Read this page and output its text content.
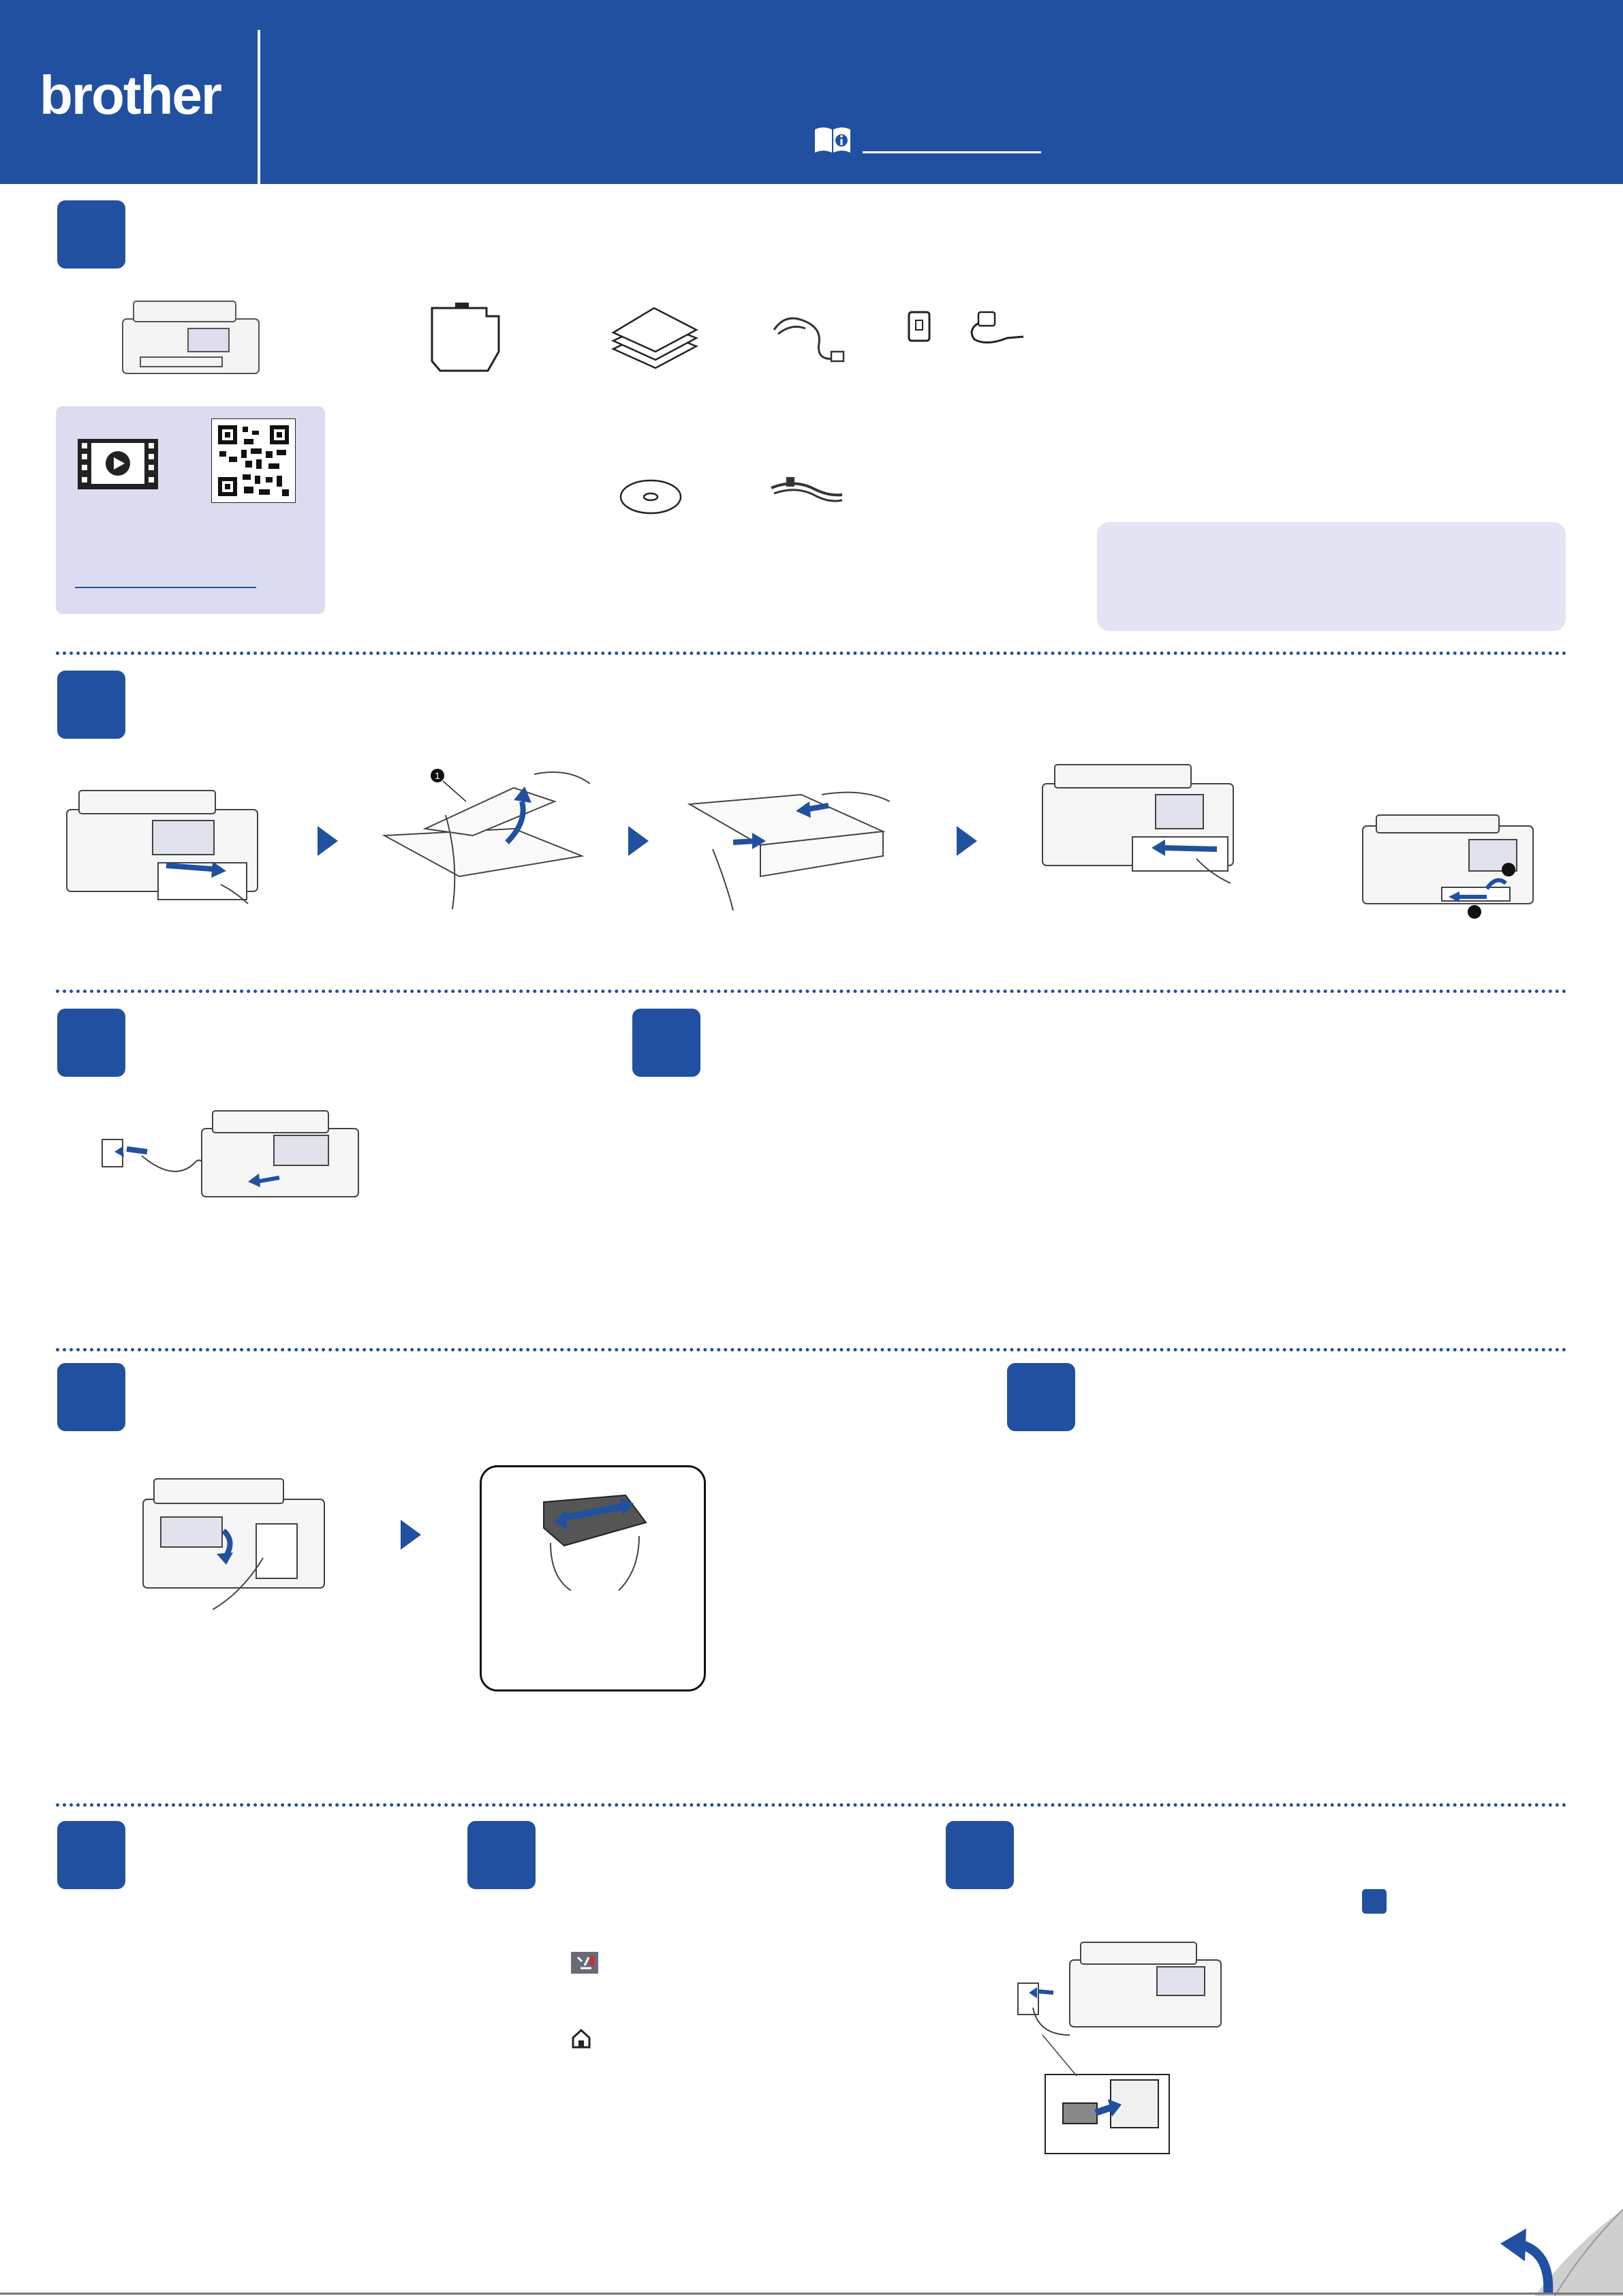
brother
1
